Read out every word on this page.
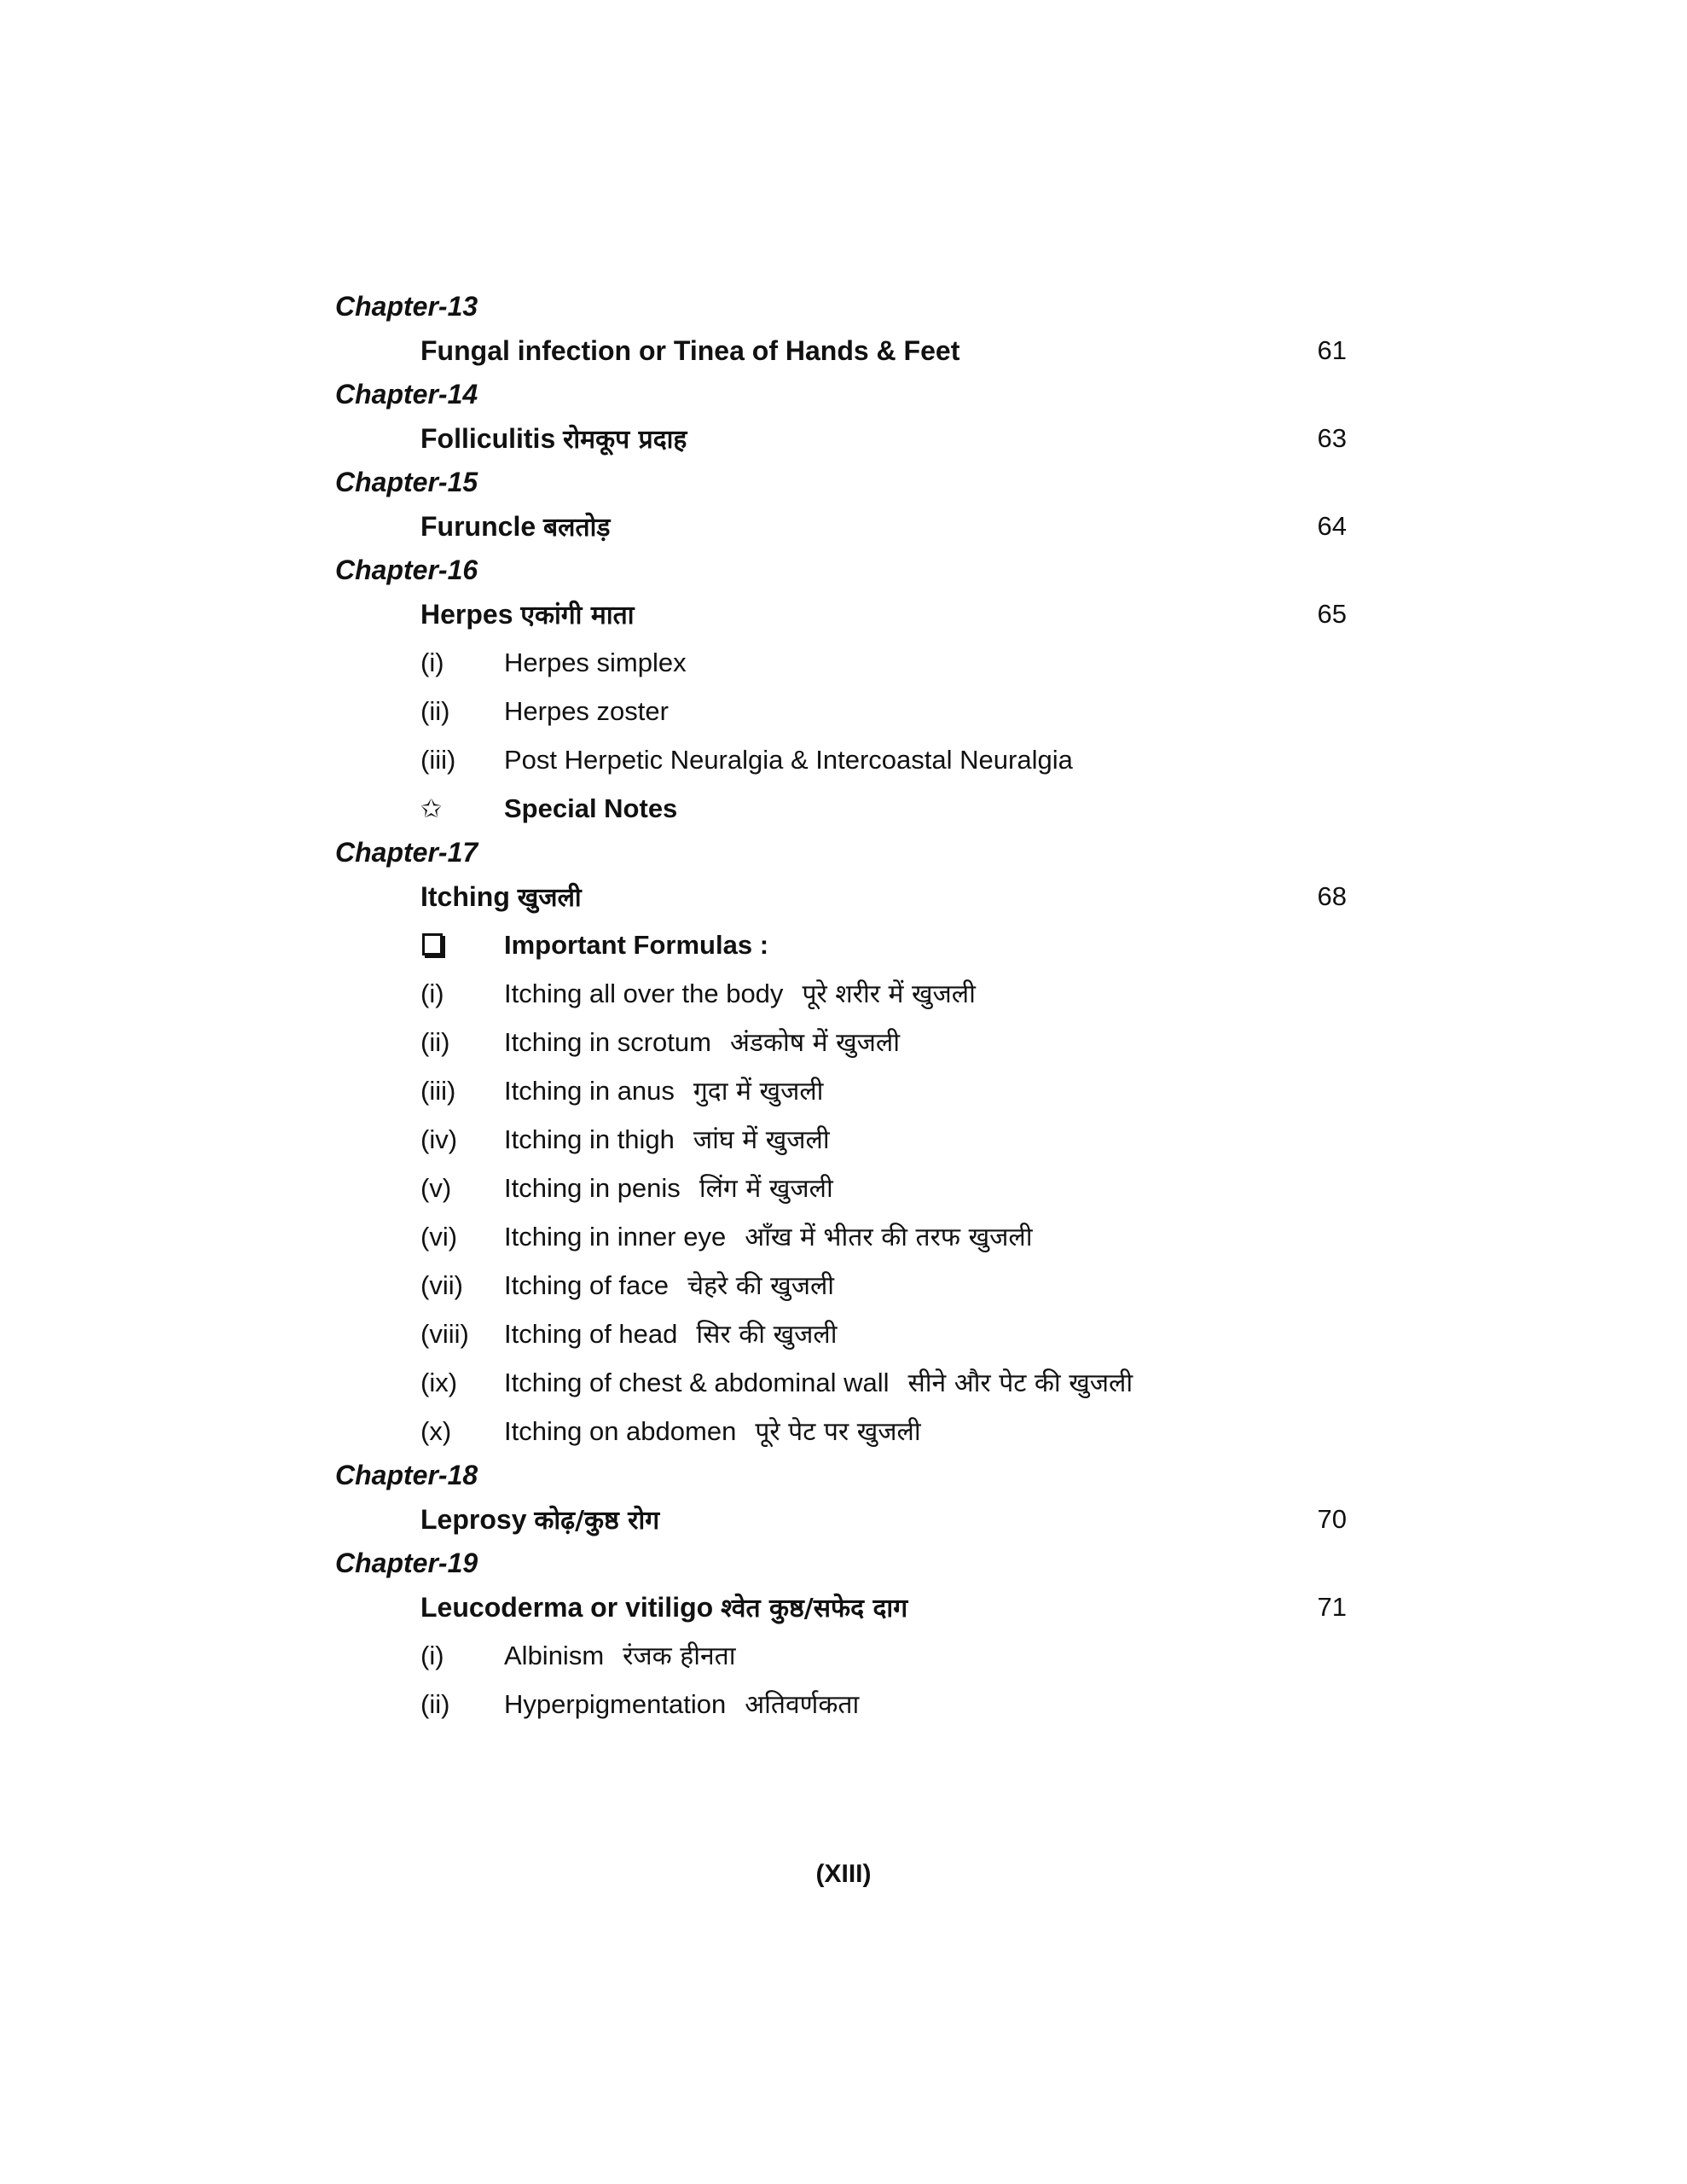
Chapter-13
Fungal infection or Tinea of Hands & Feet	61
Chapter-14
Folliculitis रोमकूप प्रदाह	63
Chapter-15
Furuncle बलतोड़	64
Chapter-16
Herpes एकांगी माता	65
(i) Herpes simplex
(ii) Herpes zoster
(iii) Post Herpetic Neuralgia & Intercoastal Neuralgia
✩ Special Notes
Chapter-17
Itching खुजली	68
Important Formulas :
(i) Itching all over the body पूरे शरीर में खुजली
(ii) Itching in scrotum अंडकोष में खुजली
(iii) Itching in anus गुदा में खुजली
(iv) Itching in thigh जांघ में खुजली
(v) Itching in penis लिंग में खुजली
(vi) Itching in inner eye आँख में भीतर की तरफ खुजली
(vii) Itching of face चेहरे की खुजली
(viii) Itching of head सिर की खुजली
(ix) Itching of chest & abdominal wall सीने और पेट की खुजली
(x) Itching on abdomen पूरे पेट पर खुजली
Chapter-18
Leprosy कोढ़/कुष्ठ रोग	70
Chapter-19
Leucoderma or vitiligo श्वेत कुष्ठ/सफेद दाग	71
(i) Albinism रंजक हीनता
(ii) Hyperpigmentation अतिवर्णकता
(XIII)
